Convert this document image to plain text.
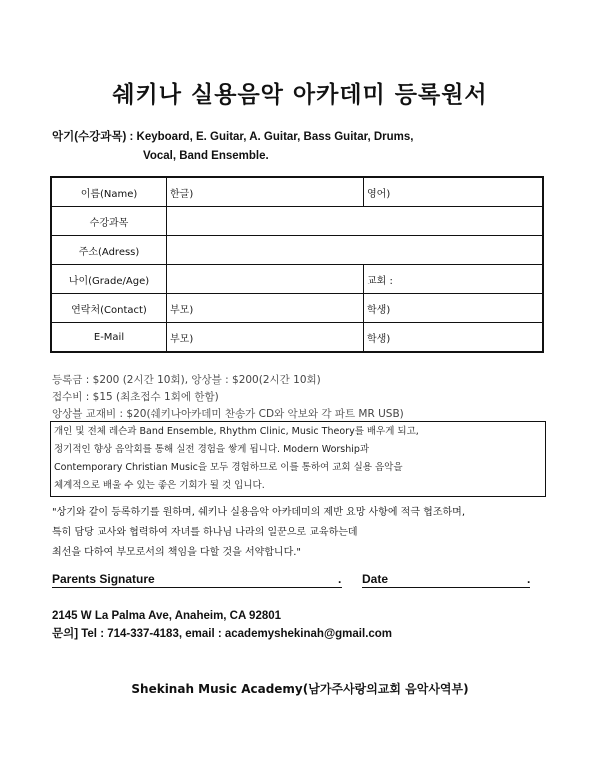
쉐키나 실용음악 아카데미 등록원서
악기(수강과목) : Keyboard, E. Guitar, A. Guitar, Bass Guitar, Drums,
Vocal, Band Ensemble.
이름(Name)	한글)	영어)
수강과목		
주소(Adress)		
나이(Grade/Age)		교회 :
연락처(Contact)	부모)	학생)
E-Mail	부모)	학생)
등록금 : $200 (2시간 10회), 앙상블 : $200(2시간 10회)
접수비 : $15 (최초접수 1회에 한함)
앙상블 교재비 : $20(쉐키나아카데미 찬송가 CD와 악보와 각 파트 MR USB)
개인 및 전체 레슨과 Band Ensemble, Rhythm Clinic, Music Theory를 배우게 되고,
정기적인 향상 음악회를 통해 실전 경험을 쌓게 됩니다. Modern Worship과
Contemporary Christian Music을 모두 경험하므로 이를 통하여 교회 실용 음악을
체계적으로 배울 수 있는 좋은 기회가 될 것 입니다.
"상기와 같이 등록하기를 원하며, 쉐키나 실용음악 아카데미의 제반 요망 사항에 적극 협조하며,
특히 담당 교사와 협력하여 자녀를 하나님 나라의 일꾼으로 교육하는데
최선을 다하여 부모로서의 책임을 다할 것을 서약합니다."
Parents Signature	. Date	.
2145 W La Palma Ave, Anaheim, CA 92801
문의] Tel : 714-337-4183, email : academyshekinah@gmail.com
Shekinah Music Academy(남가주사랑의교회 음악사역부)
